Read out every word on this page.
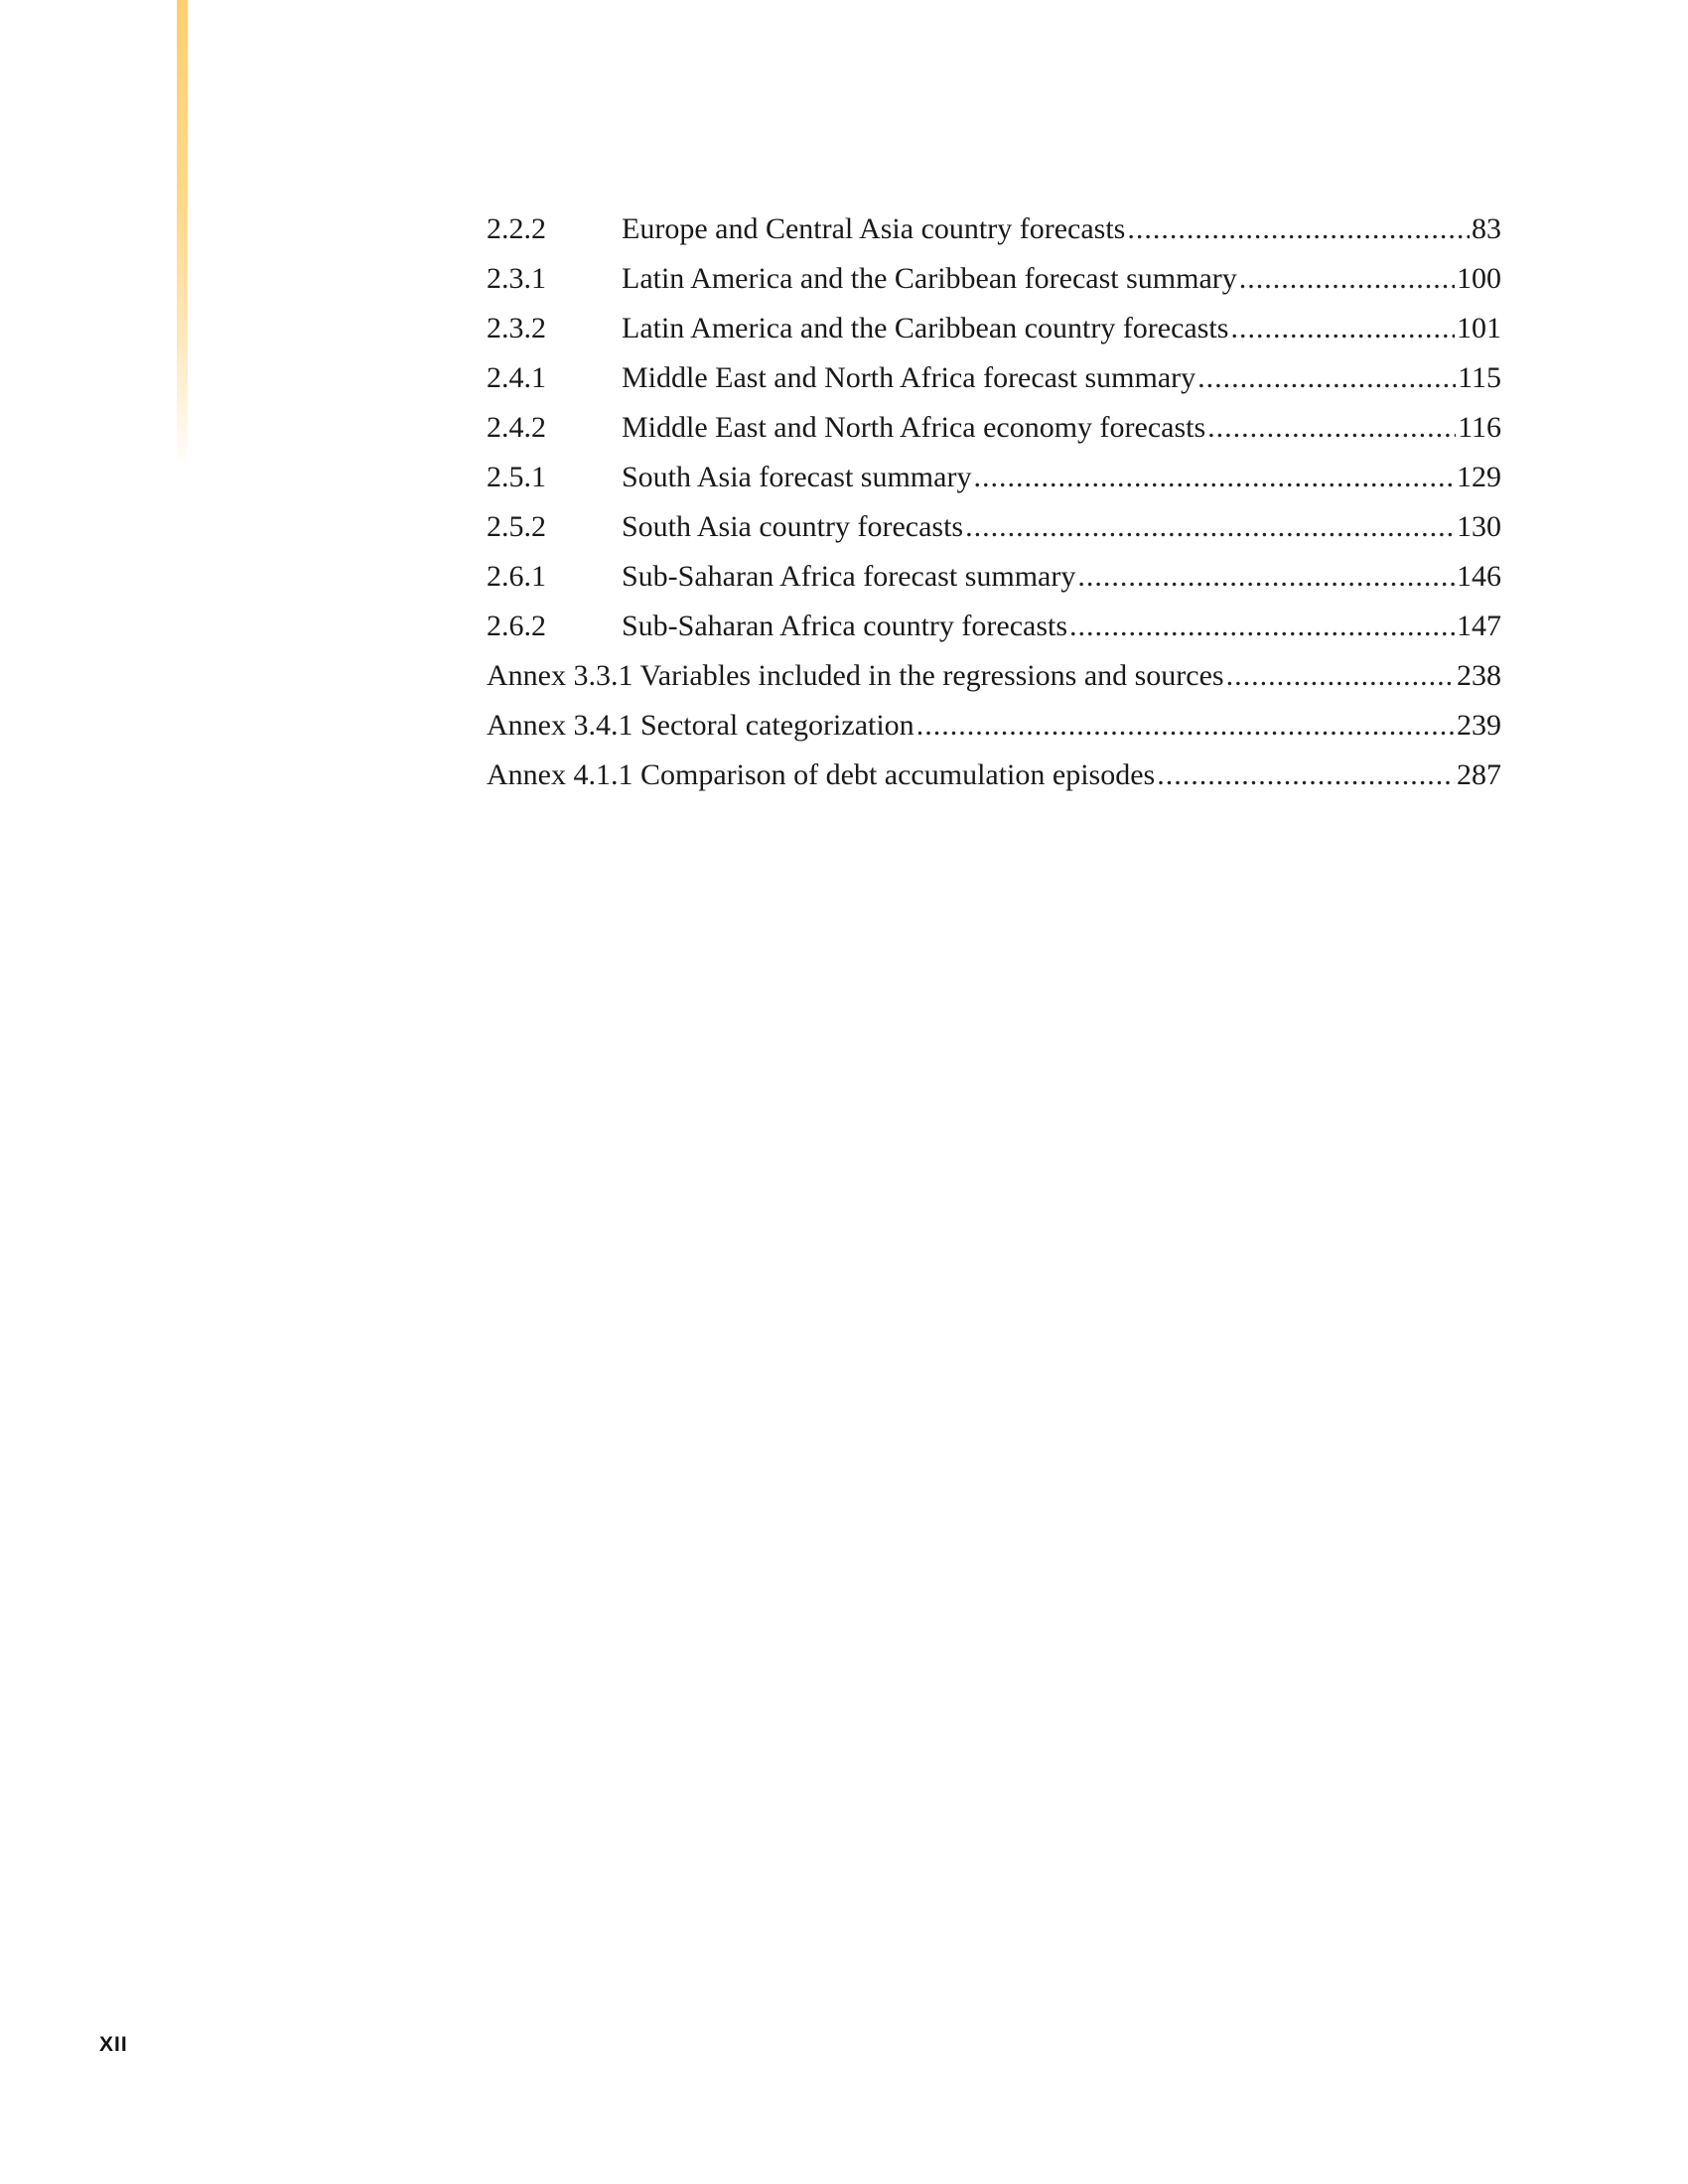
2.2.2	Europe and Central Asia country forecasts .....	83
2.3.1	Latin America and the Caribbean forecast summary .....	100
2.3.2	Latin America and the Caribbean country forecasts .....	101
2.4.1	Middle East and North Africa forecast summary .....	115
2.4.2	Middle East and North Africa economy forecasts .....	116
2.5.1	South Asia forecast summary .....	129
2.5.2	South Asia country forecasts .....	130
2.6.1	Sub-Saharan Africa forecast summary .....	146
2.6.2	Sub-Saharan Africa country forecasts .....	147
Annex 3.3.1 Variables included in the regressions and sources .....	238
Annex 3.4.1 Sectoral categorization .....	239
Annex 4.1.1 Comparison of debt accumulation episodes .....	287
XII
